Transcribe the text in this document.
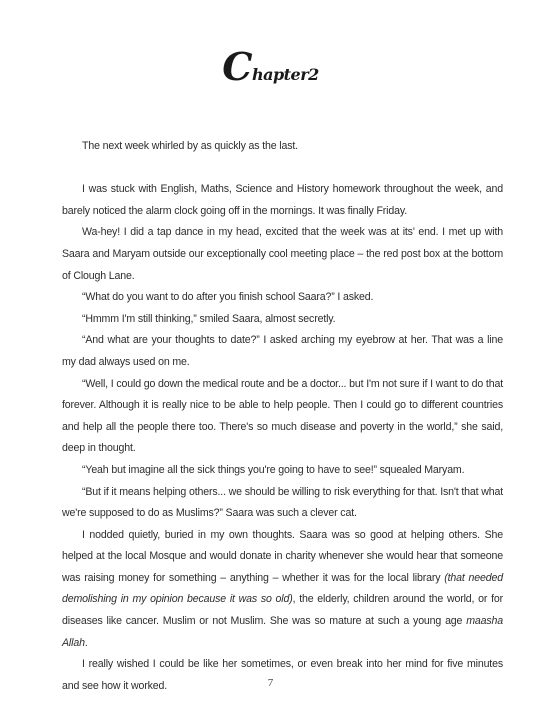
Chapter2

The next week whirled by as quickly as the last.

I was stuck with English, Maths, Science and History homework throughout the week, and barely noticed the alarm clock going off in the mornings. It was finally Friday.

Wa-hey! I did a tap dance in my head, excited that the week was at its' end. I met up with Saara and Maryam outside our exceptionally cool meeting place – the red post box at the bottom of Clough Lane.

“What do you want to do after you finish school Saara?” I asked.

“Hmmm I'm still thinking,” smiled Saara, almost secretly.

“And what are your thoughts to date?” I asked arching my eyebrow at her. That was a line my dad always used on me.

“Well, I could go down the medical route and be a doctor... but I'm not sure if I want to do that forever. Although it is really nice to be able to help people. Then I could go to different countries and help all the people there too. There's so much disease and poverty in the world,” she said, deep in thought.

“Yeah but imagine all the sick things you're going to have to see!” squealed Maryam.

“But if it means helping others... we should be willing to risk everything for that. Isn't that what we're supposed to do as Muslims?” Saara was such a clever cat.

I nodded quietly, buried in my own thoughts. Saara was so good at helping others. She helped at the local Mosque and would donate in charity whenever she would hear that someone was raising money for something – anything – whether it was for the local library (that needed demolishing in my opinion because it was so old), the elderly, children around the world, or for diseases like cancer. Muslim or not Muslim. She was so mature at such a young age maasha Allah.

I really wished I could be like her sometimes, or even break into her mind for five minutes and see how it worked.	7
